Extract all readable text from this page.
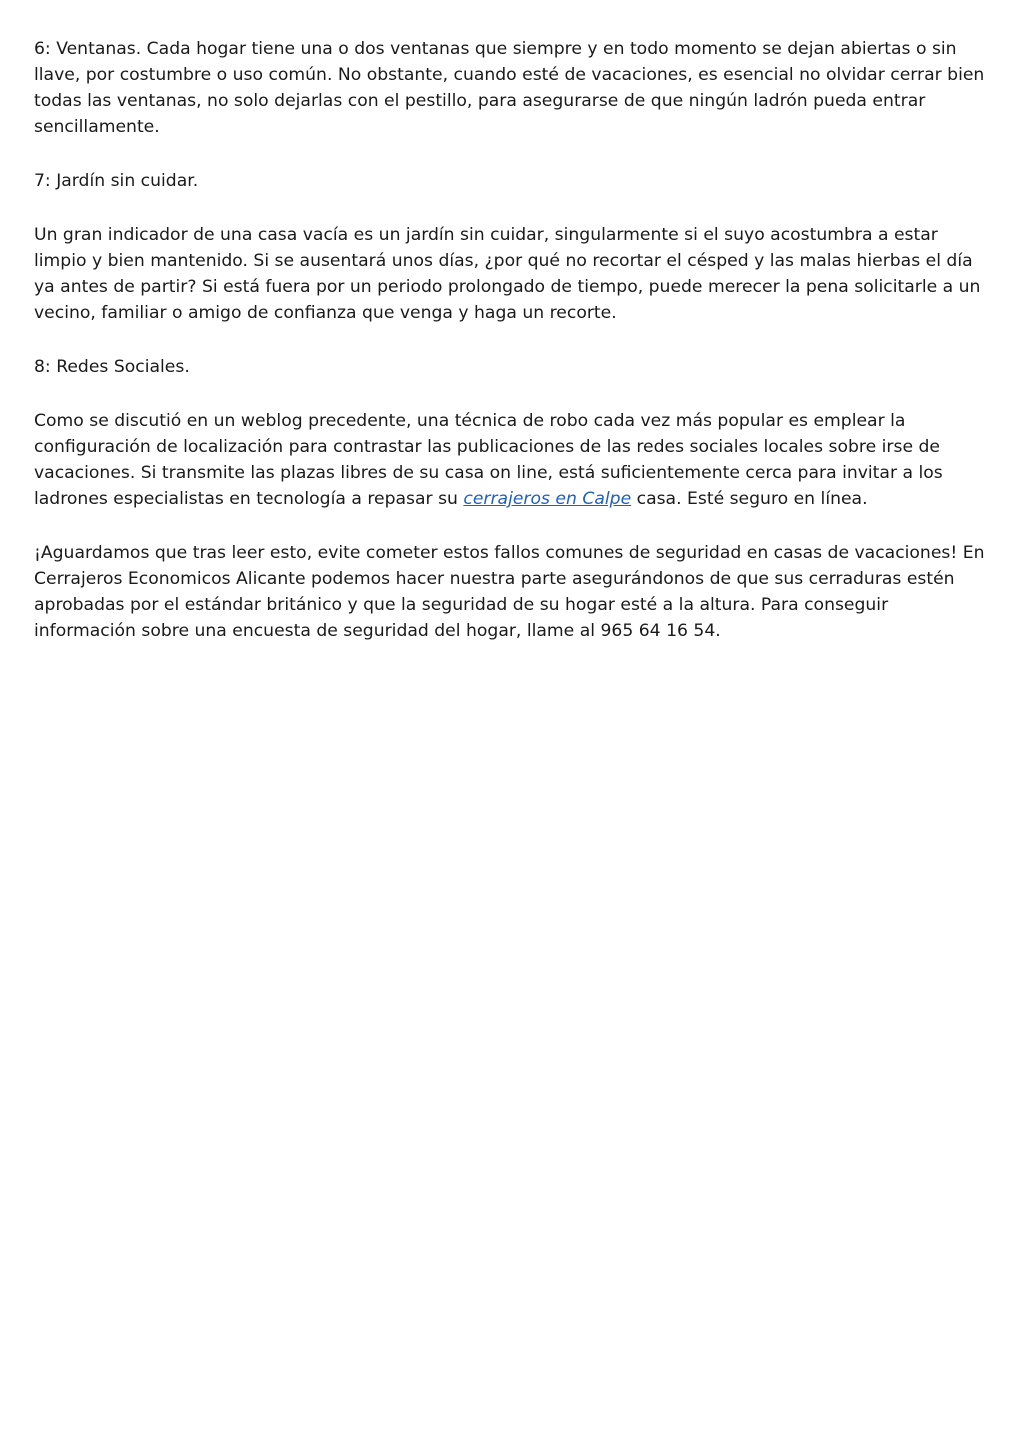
6: Ventanas. Cada hogar tiene una o dos ventanas que siempre y en todo momento se dejan abiertas o sin llave, por costumbre o uso común. No obstante, cuando esté de vacaciones, es esencial no olvidar cerrar bien todas las ventanas, no solo dejarlas con el pestillo, para asegurarse de que ningún ladrón pueda entrar sencillamente.

7: Jardín sin cuidar.

Un gran indicador de una casa vacía es un jardín sin cuidar, singularmente si el suyo acostumbra a estar limpio y bien mantenido. Si se ausentará unos días, ¿por qué no recortar el césped y las malas hierbas el día ya antes de partir? Si está fuera por un periodo prolongado de tiempo, puede merecer la pena solicitarle a un vecino, familiar o amigo de confianza que venga y haga un recorte.

8: Redes Sociales.

Como se discutió en un weblog precedente, una técnica de robo cada vez más popular es emplear la configuración de localización para contrastar las publicaciones de las redes sociales locales sobre irse de vacaciones. Si transmite las plazas libres de su casa on line, está suficientemente cerca para invitar a los ladrones especialistas en tecnología a repasar su cerrajeros en Calpe casa. Esté seguro en línea.

¡Aguardamos que tras leer esto, evite cometer estos fallos comunes de seguridad en casas de vacaciones! En Cerrajeros Economicos Alicante podemos hacer nuestra parte asegurándonos de que sus cerraduras estén aprobadas por el estándar británico y que la seguridad de su hogar esté a la altura. Para conseguir información sobre una encuesta de seguridad del hogar, llame al 965 64 16 54.
